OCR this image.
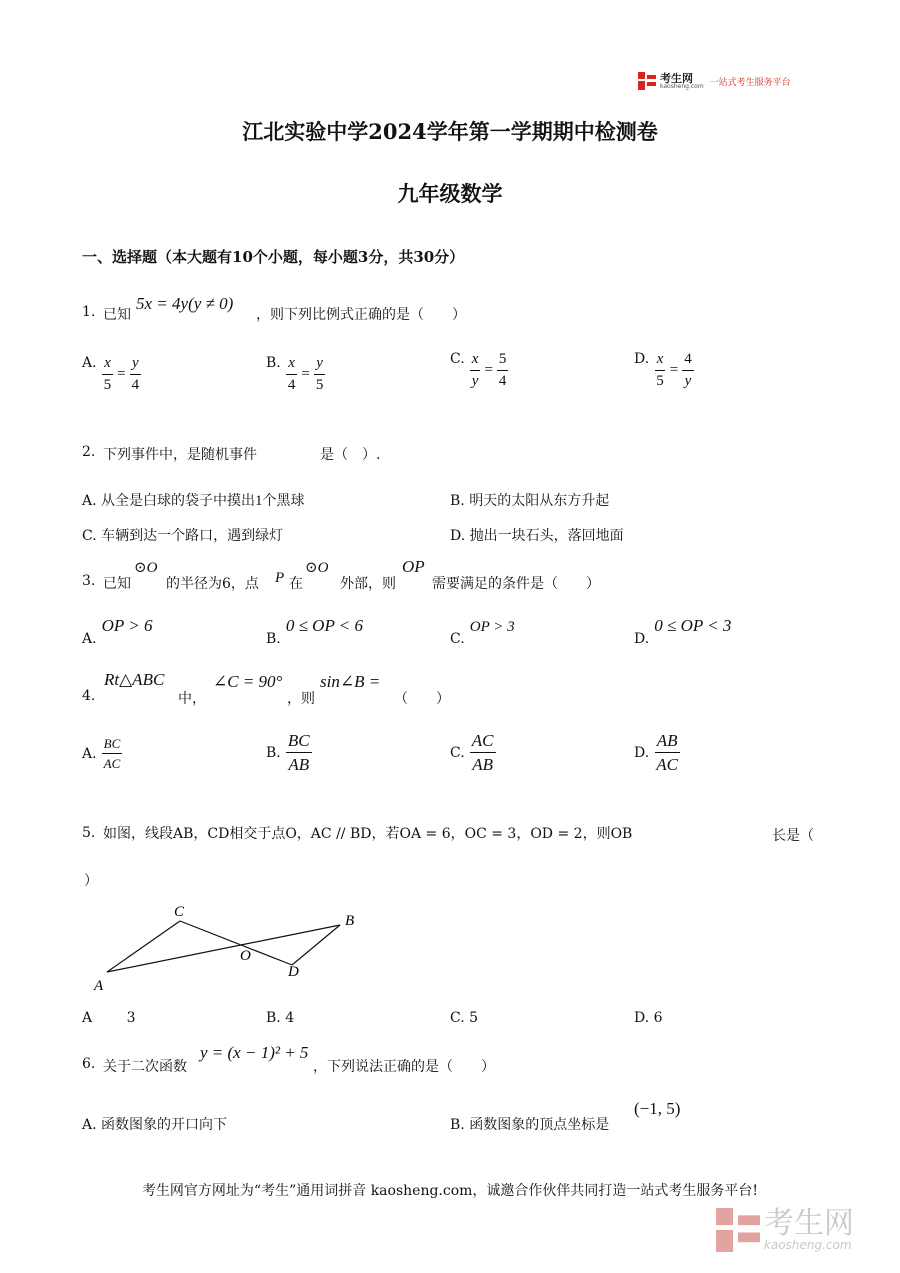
考生网
kaosheng.com 一站式考生服务平台
江北实验中学2024学年第一学期期中检测卷
九年级数学
一、选择题（本大题有10个小题，每小题3分，共30分）
1. 已知
5x = 4y(y ≠ 0)
，则下列比例式正确的是（　　）
A. $\frac{x}{5} = \frac{y}{4}$	B. $\frac{x}{4} = \frac{y}{5}$	C. $\frac{x}{y} = \frac{5}{4}$	D. $\frac{x}{5} = \frac{4}{y}$
2. 下列事件中，是随机事件	是（　）.
A. 从全是白球的袋子中摸出1个黑球	B. 明天的太阳从东方升起
C. 车辆到达一个路口，遇到绿灯	D. 抛出一块石头，落回地面
3. 已知
⊙O
的半径为6，点 P 在
⊙O
外部，则
OP
需要满足的条件是（　　）
A. OP > 6
B. 0 ≤ OP < 6
C. OP > 3
D. 0 ≤ OP < 3
4.
Rt△ABC
中，
∠C = 90°
，则
sin∠B =
（　　）
A. $\frac{BC}{AC}$	B. $\frac{BC}{AB}$	C. $\frac{AC}{AB}$	D. $\frac{AB}{AC}$
5. 如图，线段AB，CD相交于点O，AC // BD，若OA = 6，OC = 3，OD = 2，则OB	长是（
）
C
B
O
D
A
A 3	B. 4	C. 5	D. 6
6. 关于二次函数
y = (x − 1)² + 5
，下列说法正确的是（　　）
A. 函数图象的开口向下	B. 函数图象的顶点坐标是
(−1, 5)
考生网官方网址为“考生”通用词拼音 kaosheng.com，诚邀合作伙伴共同打造一站式考生服务平台!
考生网
kaosheng.com
